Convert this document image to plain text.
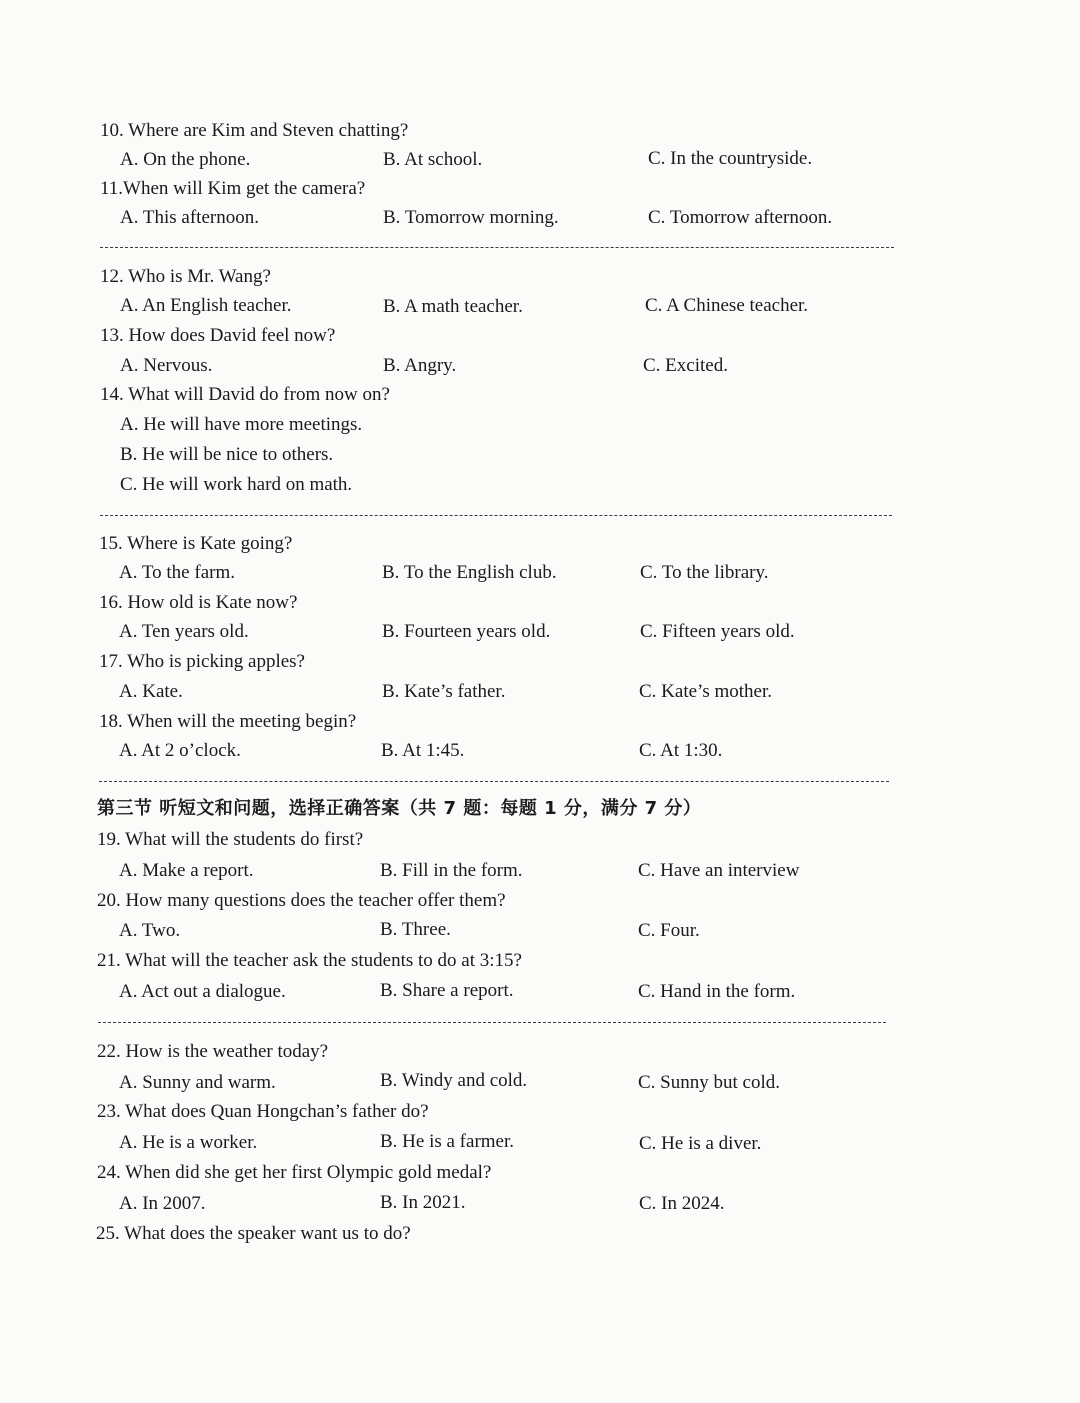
10. Where are Kim and Steven chatting?
A. On the phone.	B. At school.	C. In the countryside.
11.When will Kim get the camera?
A. This afternoon.	B. Tomorrow morning.	C. Tomorrow afternoon.
12. Who is Mr. Wang?
A. An English teacher.	B. A math teacher.	C. A Chinese teacher.
13. How does David feel now?
A. Nervous.	B. Angry.	C. Excited.
14. What will David do from now on?
A. He will have more meetings.
B. He will be nice to others.
C. He will work hard on math.
15. Where is Kate going?
A. To the farm.	B. To the English club.	C. To the library.
16. How old is Kate now?
A. Ten years old.	B. Fourteen years old.	C. Fifteen years old.
17. Who is picking apples?
A. Kate.	B. Kate’s father.	C. Kate’s mother.
18. When will the meeting begin?
A. At 2 o’clock.	B. At 1:45.	C. At 1:30.
第三节 听短文和问题，选择正确答案（共 7 题：每题 1 分，满分 7 分）
19. What will the students do first?
A. Make a report.	B. Fill in the form.	C. Have an interview
20. How many questions does the teacher offer them?
A. Two.	B. Three.	C. Four.
21. What will the teacher ask the students to do at 3:15?
A. Act out a dialogue.	B. Share a report.	C. Hand in the form.
22. How is the weather today?
A. Sunny and warm.	B. Windy and cold.	C. Sunny but cold.
23. What does Quan Hongchan’s father do?
A. He is a worker.	B. He is a farmer.	C. He is a diver.
24. When did she get her first Olympic gold medal?
A. In 2007.	B. In 2021.	C. In 2024.
25. What does the speaker want us to do?
